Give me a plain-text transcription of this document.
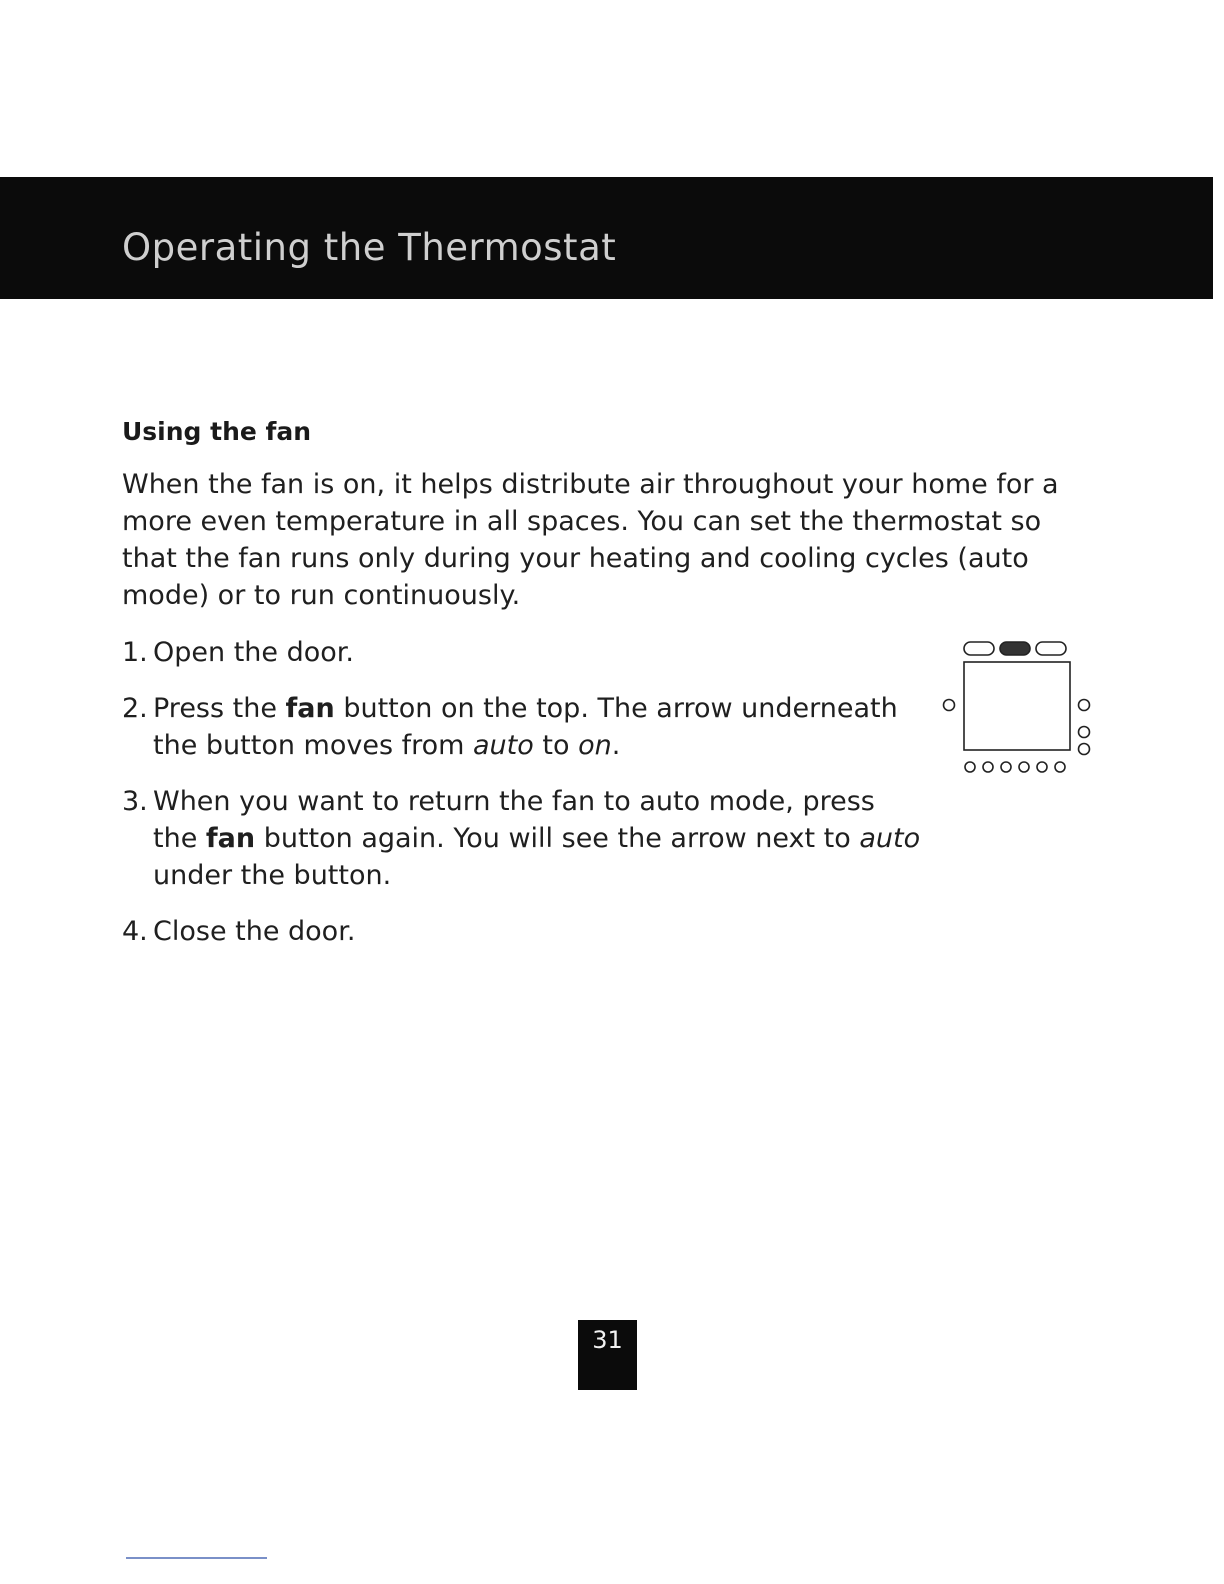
Operating the Thermostat
Using the fan

When the fan is on, it helps distribute air throughout your home for a
more even temperature in all spaces. You can set the thermostat so
that the fan runs only during your heating and cooling cycles (auto
mode) or to run continuously.

1. Open the door.
2. Press the fan button on the top. The arrow underneath
the button moves from auto to on.
3. When you want to return the fan to auto mode, press
the fan button again. You will see the arrow next to auto
under the button.
4. Close the door.
31
